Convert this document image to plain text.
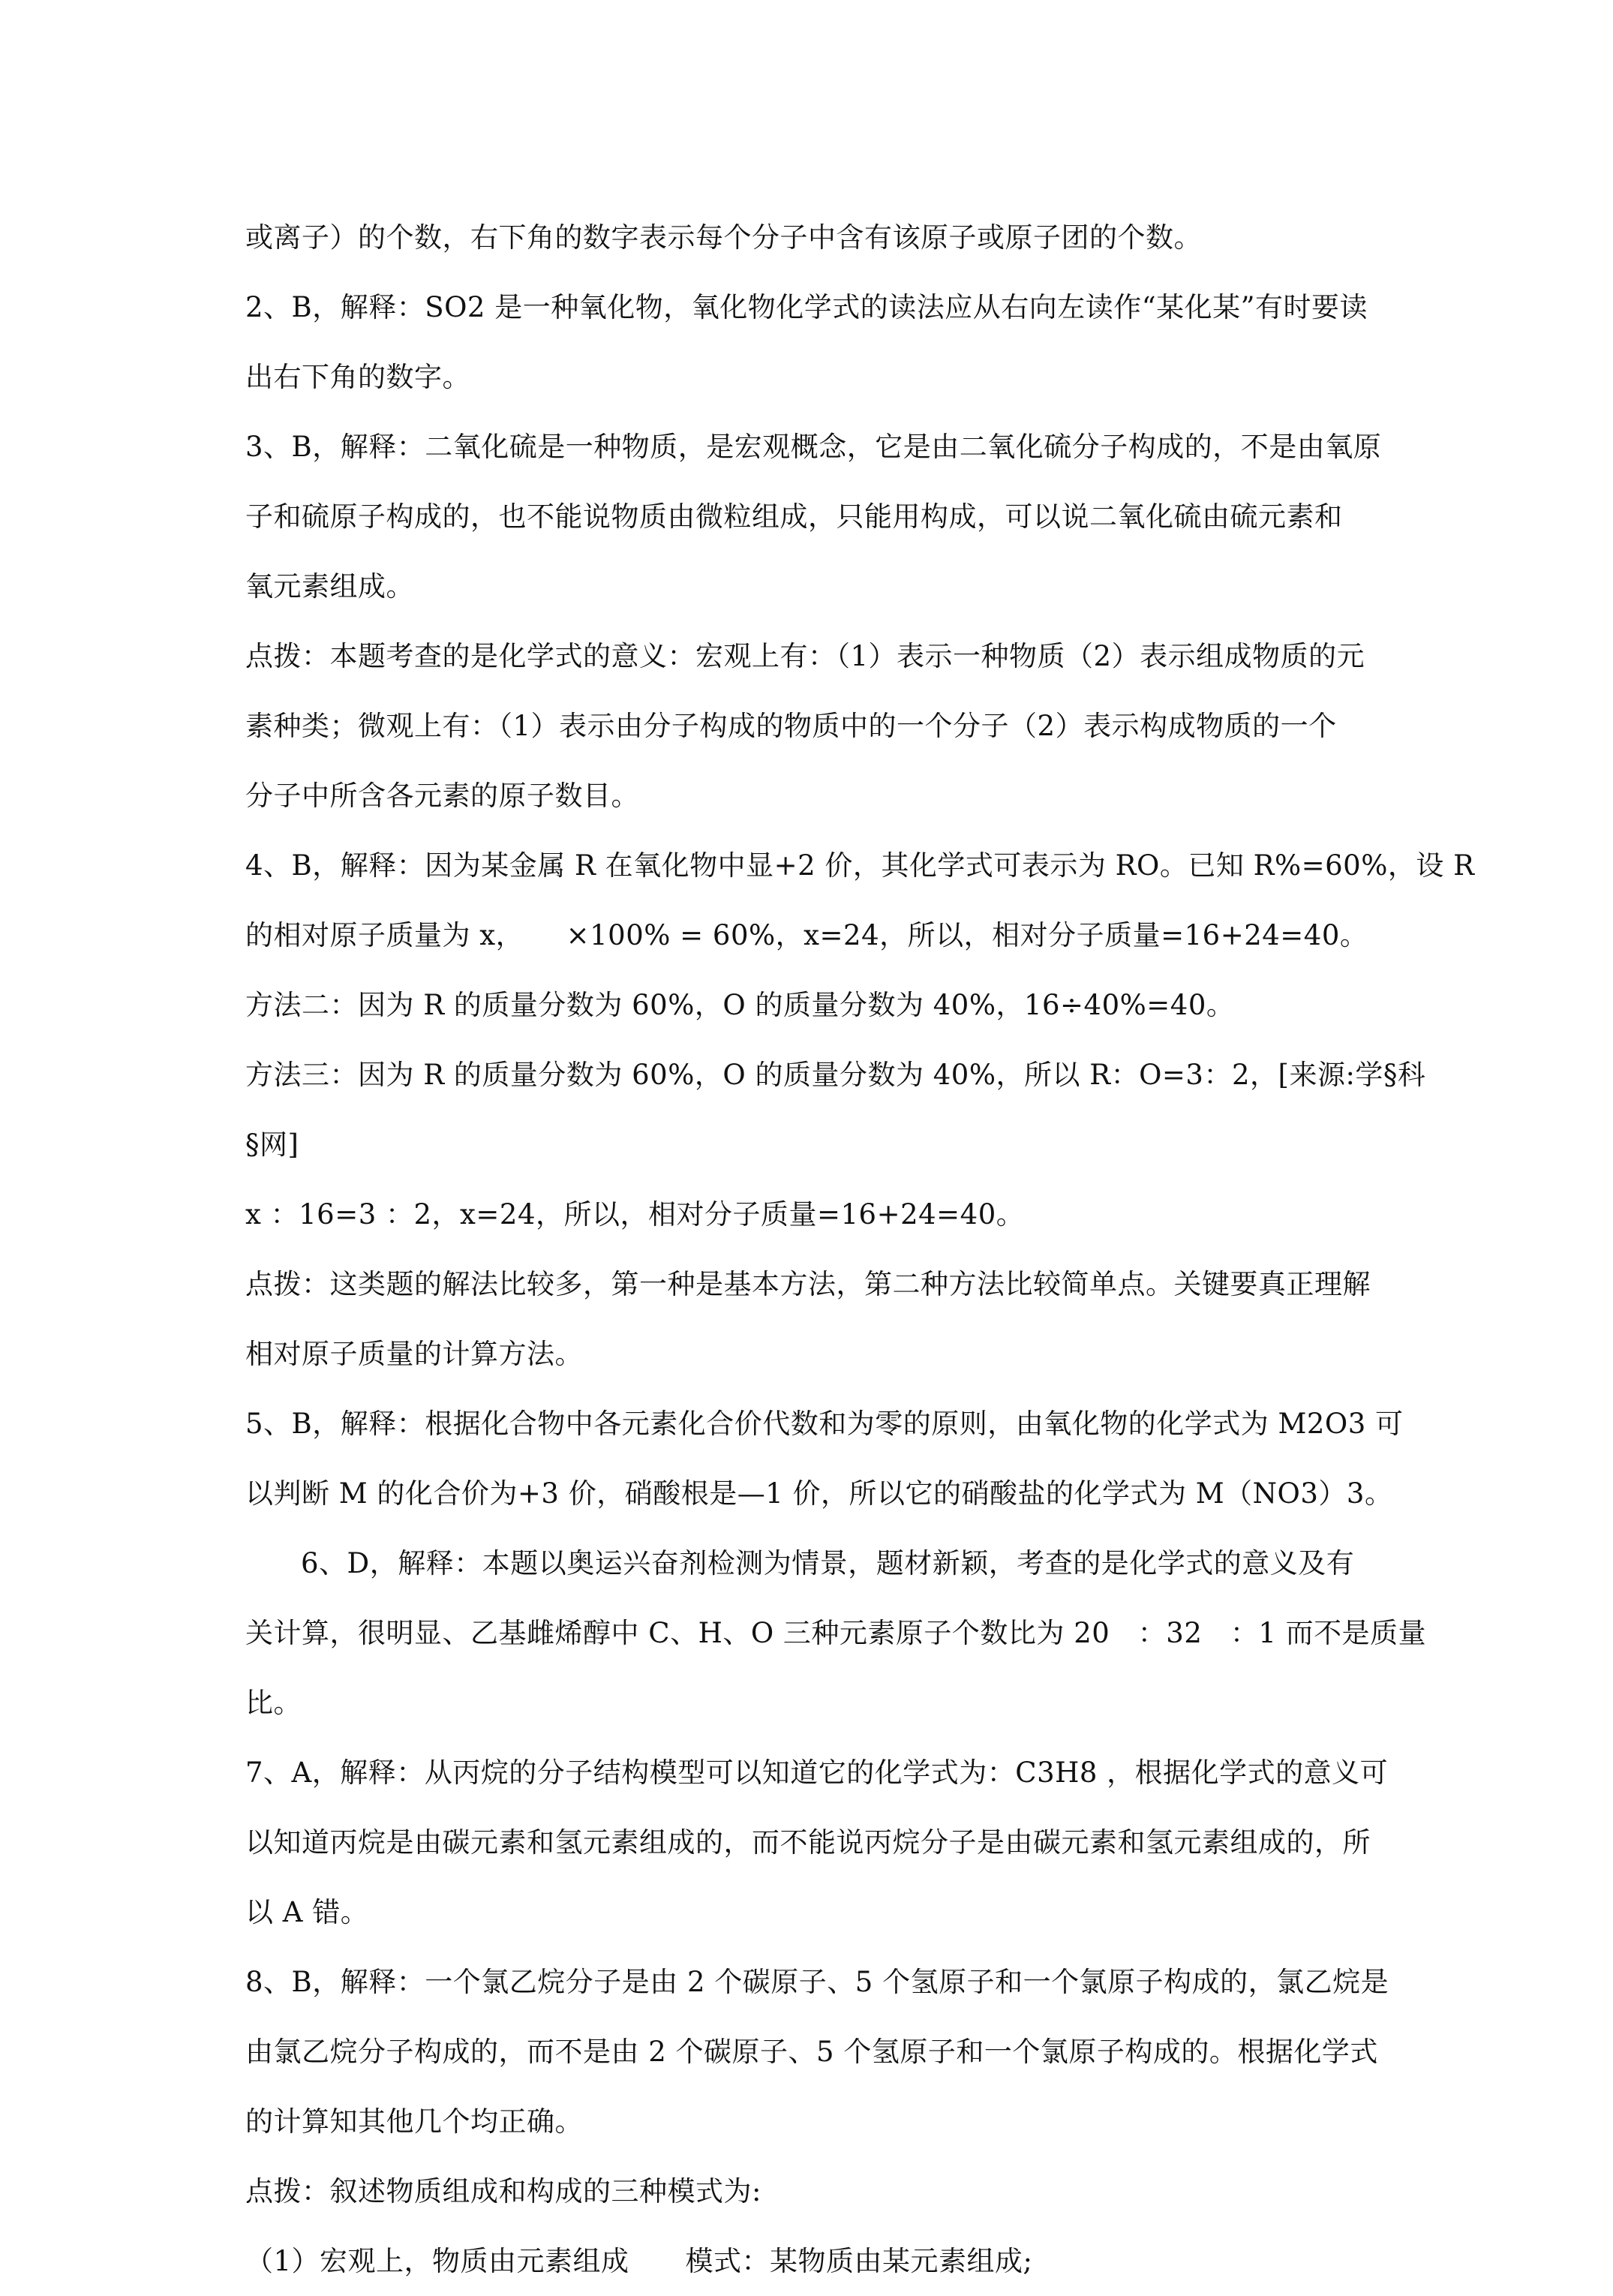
或离子）的个数，右下角的数字表示每个分子中含有该原子或原子团的个数。
2、B，解释：SO2 是一种氧化物，氧化物化学式的读法应从右向左读作“某化某”有时要读
出右下角的数字。
3、B，解释：二氧化硫是一种物质，是宏观概念，它是由二氧化硫分子构成的，不是由氧原
子和硫原子构成的，也不能说物质由微粒组成，只能用构成，可以说二氧化硫由硫元素和
氧元素组成。
点拨：本题考查的是化学式的意义：宏观上有：（1）表示一种物质（2）表示组成物质的元
素种类；微观上有：（1）表示由分子构成的物质中的一个分子（2）表示构成物质的一个
分子中所含各元素的原子数目。
4、B，解释：因为某金属 R 在氧化物中显+2 价，其化学式可表示为 RO。已知 R%=60%，设 R
的相对原子质量为 x，　　×100% = 60%，x=24，所以，相对分子质量=16+24=40。
方法二：因为 R 的质量分数为 60%，O 的质量分数为 40%，16÷40%=40。
方法三：因为 R 的质量分数为 60%，O 的质量分数为 40%，所以 R：O=3：2，[来源:学§科
§网]
x ：16=3 ：2，x=24，所以，相对分子质量=16+24=40。
点拨：这类题的解法比较多，第一种是基本方法，第二种方法比较简单点。关键要真正理解
相对原子质量的计算方法。
5、B，解释：根据化合物中各元素化合价代数和为零的原则，由氧化物的化学式为 M2O3 可
以判断 M 的化合价为+3 价，硝酸根是—1 价，所以它的硝酸盐的化学式为 M（NO3）3。
6、D，解释：本题以奥运兴奋剂检测为情景，题材新颖，考查的是化学式的意义及有
关计算，很明显、乙基雌烯醇中 C、H、O 三种元素原子个数比为 20　：32　：1 而不是质量
比。
7、A，解释：从丙烷的分子结构模型可以知道它的化学式为：C3H8 ，根据化学式的意义可
以知道丙烷是由碳元素和氢元素组成的，而不能说丙烷分子是由碳元素和氢元素组成的，所
以 A 错。
8、B，解释：一个氯乙烷分子是由 2 个碳原子、5 个氢原子和一个氯原子构成的，氯乙烷是
由氯乙烷分子构成的，而不是由 2 个碳原子、5 个氢原子和一个氯原子构成的。根据化学式
的计算知其他几个均正确。
点拨：叙述物质组成和构成的三种模式为:
（1）宏观上，物质由元素组成　　模式：某物质由某元素组成;
